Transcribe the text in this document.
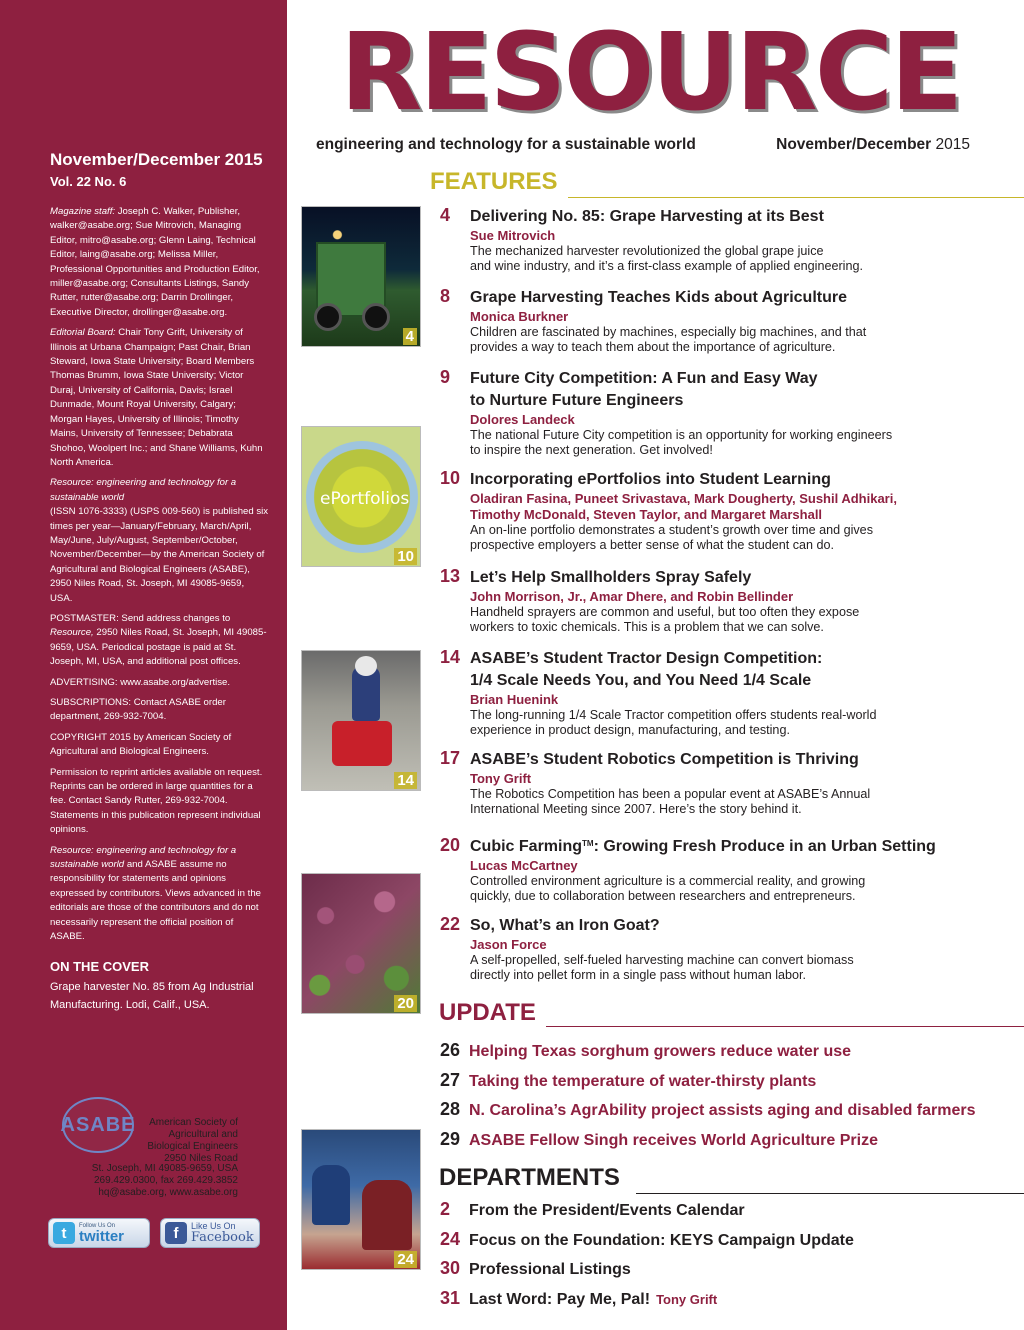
November/December 2015
Vol. 22 No. 6
Magazine staff: Joseph C. Walker, Publisher, walker@asabe.org; Sue Mitrovich, Managing Editor, mitro@asabe.org; Glenn Laing, Technical Editor, laing@asabe.org; Melissa Miller, Professional Opportunities and Production Editor, miller@asabe.org; Consultants Listings, Sandy Rutter, rutter@asabe.org; Darrin Drollinger, Executive Director, drollinger@asabe.org.
Editorial Board: Chair Tony Grift, University of Illinois at Urbana Champaign; Past Chair, Brian Steward, Iowa State University; Board Members Thomas Brumm, Iowa State University; Victor Duraj, University of California, Davis; Israel Dunmade, Mount Royal University, Calgary; Morgan Hayes, University of Illinois; Timothy Mains, University of Tennessee; Debabrata Shohoo, Woolpert Inc.; and Shane Williams, Kuhn North America.
Resource: engineering and technology for a sustainable world
(ISSN 1076-3333) (USPS 009-560) is published six times per year—January/February, March/April, May/June, July/August, September/October, November/December—by the American Society of Agricultural and Biological Engineers (ASABE), 2950 Niles Road, St. Joseph, MI 49085-9659, USA.
POSTMASTER: Send address changes to Resource, 2950 Niles Road, St. Joseph, MI 49085-9659, USA. Periodical postage is paid at St. Joseph, MI, USA, and additional post offices.
ADVERTISING: www.asabe.org/advertise.
SUBSCRIPTIONS: Contact ASABE order department, 269-932-7004.
COPYRIGHT 2015 by American Society of Agricultural and Biological Engineers.
Permission to reprint articles available on request. Reprints can be ordered in large quantities for a fee. Contact Sandy Rutter, 269-932-7004. Statements in this publication represent individual opinions.
Resource: engineering and technology for a sustainable world and ASABE assume no responsibility for statements and opinions expressed by contributors. Views advanced in the editorials are those of the contributors and do not necessarily represent the official position of ASABE.
ON THE COVER
Grape harvester No. 85 from Ag Industrial Manufacturing. Lodi, Calif., USA.
ASABE	American Society of
Agricultural and
Biological Engineers
2950 Niles Road
St. Joseph, MI 49085-9659, USA
269.429.0300, fax 269.429.3852
hq@asabe.org, www.asabe.org
t	Follow Us On
twitter	f	Like Us On
Facebook
RESOURCE
engineering and technology for a sustainable world	November/December 2015
FEATURES
4
ePortfolios
10
14
20
24
4	Delivering No. 85: Grape Harvesting at its Best
Sue Mitrovich
The mechanized harvester revolutionized the global grape juice
and wine industry, and it’s a first-class example of applied engineering.
8	Grape Harvesting Teaches Kids about Agriculture
Monica Burkner
Children are fascinated by machines, especially big machines, and that
provides a way to teach them about the importance of agriculture.
9	Future City Competition: A Fun and Easy Way
to Nurture Future Engineers
Dolores Landeck
The national Future City competition is an opportunity for working engineers
to inspire the next generation. Get involved!
10 Incorporating ePortfolios into Student Learning
Oladiran Fasina, Puneet Srivastava, Mark Dougherty, Sushil Adhikari,
Timothy McDonald, Steven Taylor, and Margaret Marshall
An on-line portfolio demonstrates a student’s growth over time and gives
prospective employers a better sense of what the student can do.
13 Let’s Help Smallholders Spray Safely
John Morrison, Jr., Amar Dhere, and Robin Bellinder
Handheld sprayers are common and useful, but too often they expose
workers to toxic chemicals. This is a problem that we can solve.
14 ASABE’s Student Tractor Design Competition:
1/4 Scale Needs You, and You Need 1/4 Scale
Brian Huenink
The long-running 1/4 Scale Tractor competition offers students real-world
experience in product design, manufacturing, and testing.
17 ASABE’s Student Robotics Competition is Thriving
Tony Grift
The Robotics Competition has been a popular event at ASABE’s Annual
International Meeting since 2007. Here’s the story behind it.
20 Cubic Farming™: Growing Fresh Produce in an Urban Setting
Lucas McCartney
Controlled environment agriculture is a commercial reality, and growing
quickly, due to collaboration between researchers and entrepreneurs.
22 So, What’s an Iron Goat?
Jason Force
A self-propelled, self-fueled harvesting machine can convert biomass
directly into pellet form in a single pass without human labor.
UPDATE
26 Helping Texas sorghum growers reduce water use
27 Taking the temperature of water-thirsty plants
28 N. Carolina’s AgrAbility project assists aging and disabled farmers
29 ASABE Fellow Singh receives World Agriculture Prize
DEPARTMENTS
2	From the President/Events Calendar
24 Focus on the Foundation: KEYS Campaign Update
30 Professional Listings
31 Last Word: Pay Me, Pal! Tony Grift
